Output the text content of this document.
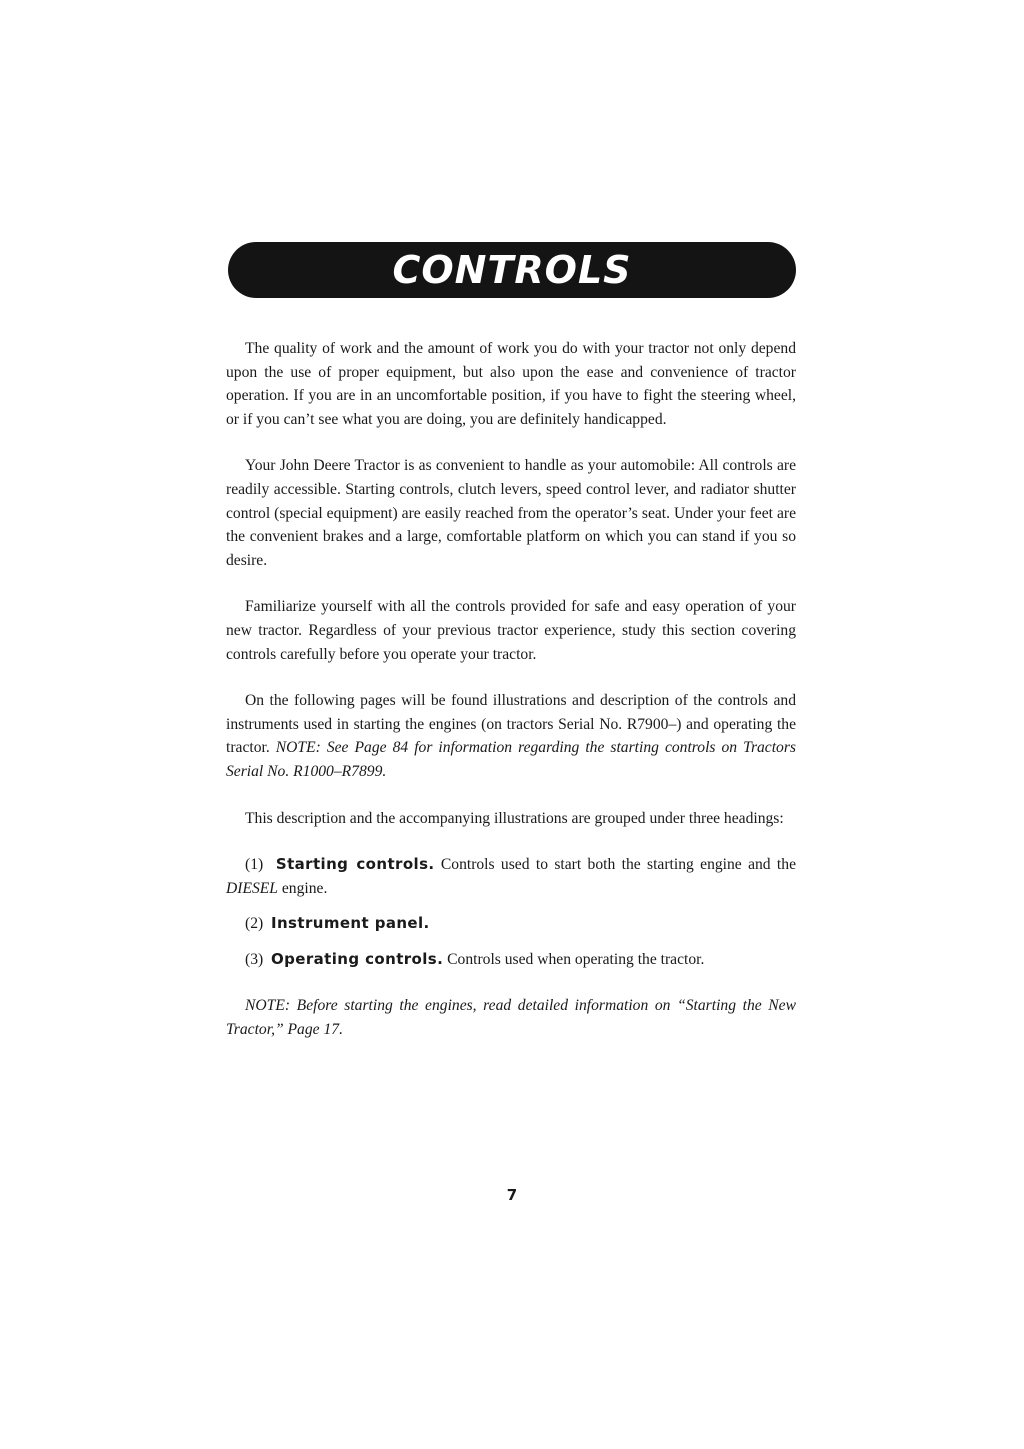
CONTROLS

The quality of work and the amount of work you do with your tractor not only depend upon the use of proper equipment, but also upon the ease and convenience of tractor operation. If you are in an uncomfortable position, if you have to fight the steering wheel, or if you can’t see what you are doing, you are definitely handicapped.

Your John Deere Tractor is as convenient to handle as your automobile: All controls are readily accessible. Starting controls, clutch levers, speed control lever, and radiator shutter control (special equipment) are easily reached from the operator’s seat. Under your feet are the convenient brakes and a large, comfortable platform on which you can stand if you so desire.

Familiarize yourself with all the controls provided for safe and easy operation of your new tractor. Regardless of your previous tractor experience, study this section covering controls carefully before you operate your tractor.

On the following pages will be found illustrations and description of the controls and instruments used in starting the engines (on tractors Serial No. R7900–) and operating the tractor. NOTE: See Page 84 for information regarding the starting controls on Tractors Serial No. R1000–R7899.

This description and the accompanying illustrations are grouped under three headings:

(1) Starting controls. Controls used to start both the starting engine and the DIESEL engine.

(2) Instrument panel.

(3) Operating controls. Controls used when operating the tractor.

NOTE: Before starting the engines, read detailed information on “Starting the New Tractor,” Page 17.

7
